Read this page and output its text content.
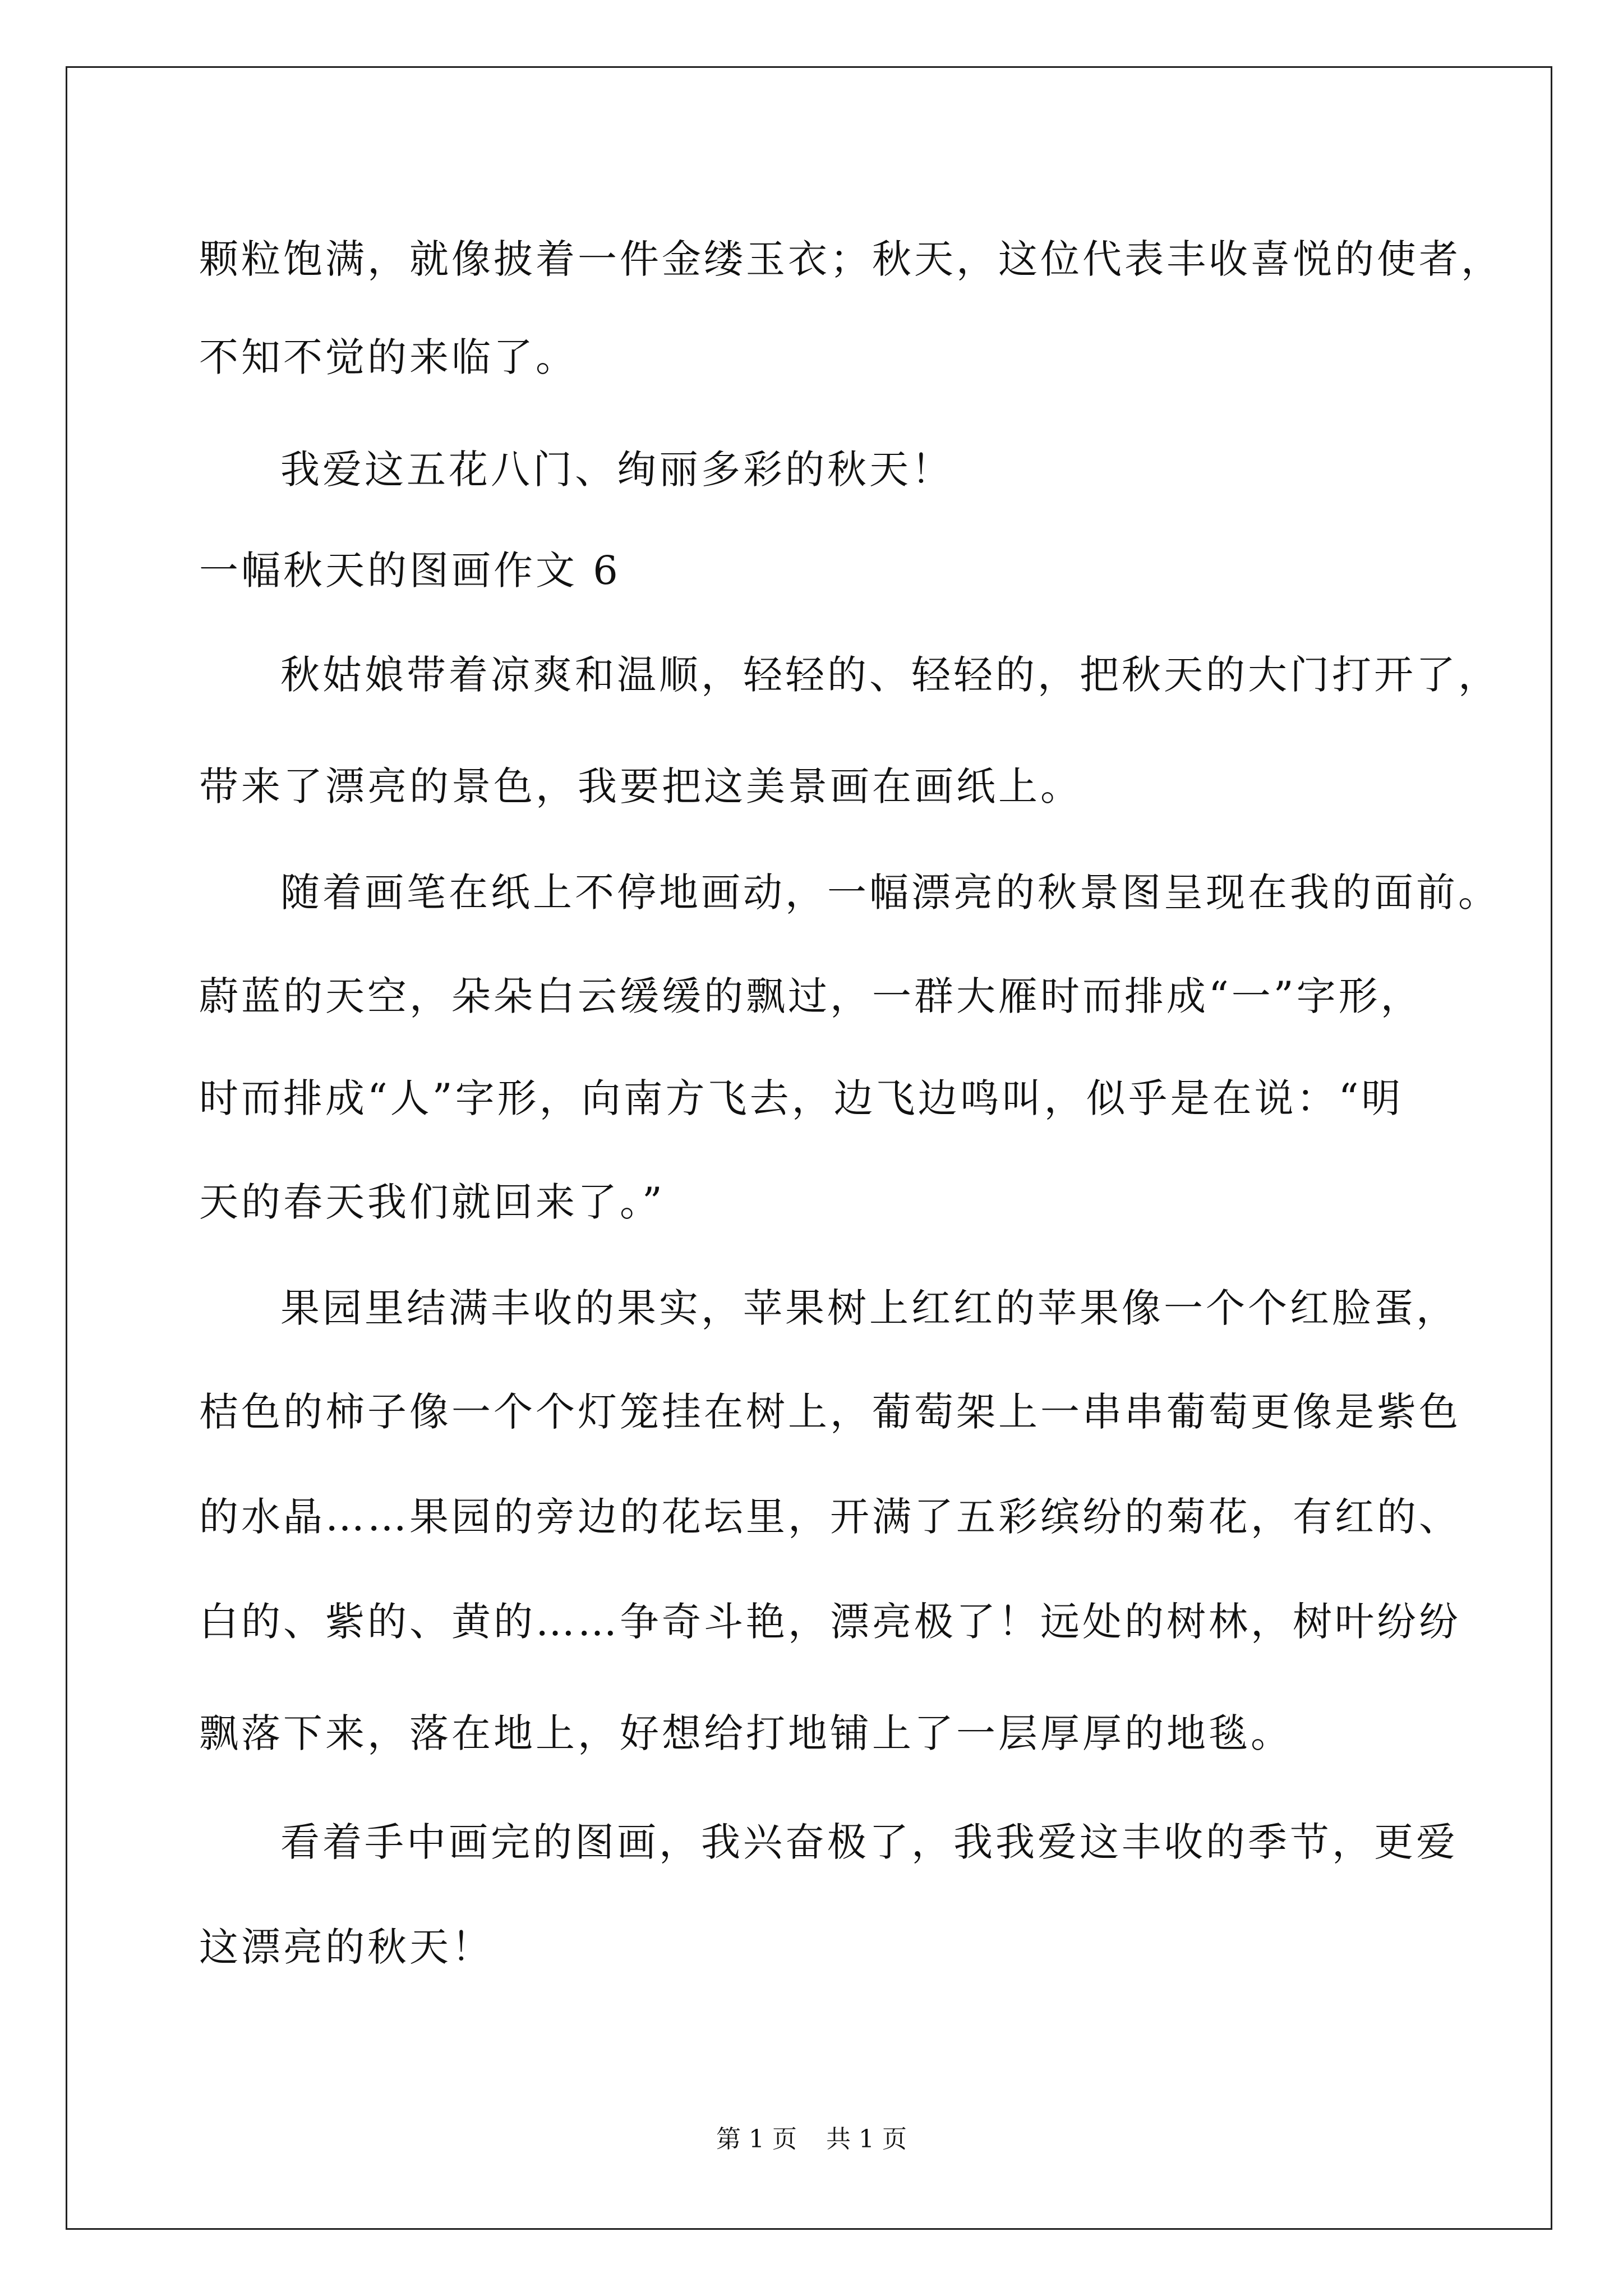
颗粒饱满，就像披着一件金缕玉衣；秋天，这位代表丰收喜悦的使者，
不知不觉的来临了。
我爱这五花八门、绚丽多彩的秋天！
一幅秋天的图画作文 6
秋姑娘带着凉爽和温顺，轻轻的、轻轻的，把秋天的大门打开了，
带来了漂亮的景色，我要把这美景画在画纸上。
随着画笔在纸上不停地画动，一幅漂亮的秋景图呈现在我的面前。
蔚蓝的天空，朵朵白云缓缓的飘过，一群大雁时而排成“一”字形，
时而排成“人”字形，向南方飞去，边飞边鸣叫，似乎是在说：“明
天的春天我们就回来了。”
果园里结满丰收的果实，苹果树上红红的苹果像一个个红脸蛋，
桔色的柿子像一个个灯笼挂在树上，葡萄架上一串串葡萄更像是紫色
的水晶……果园的旁边的花坛里，开满了五彩缤纷的菊花，有红的、
白的、紫的、黄的……争奇斗艳，漂亮极了！远处的树林，树叶纷纷
飘落下来，落在地上，好想给打地铺上了一层厚厚的地毯。
看着手中画完的图画，我兴奋极了，我我爱这丰收的季节，更爱
这漂亮的秋天！
第 1 页 共 1 页
